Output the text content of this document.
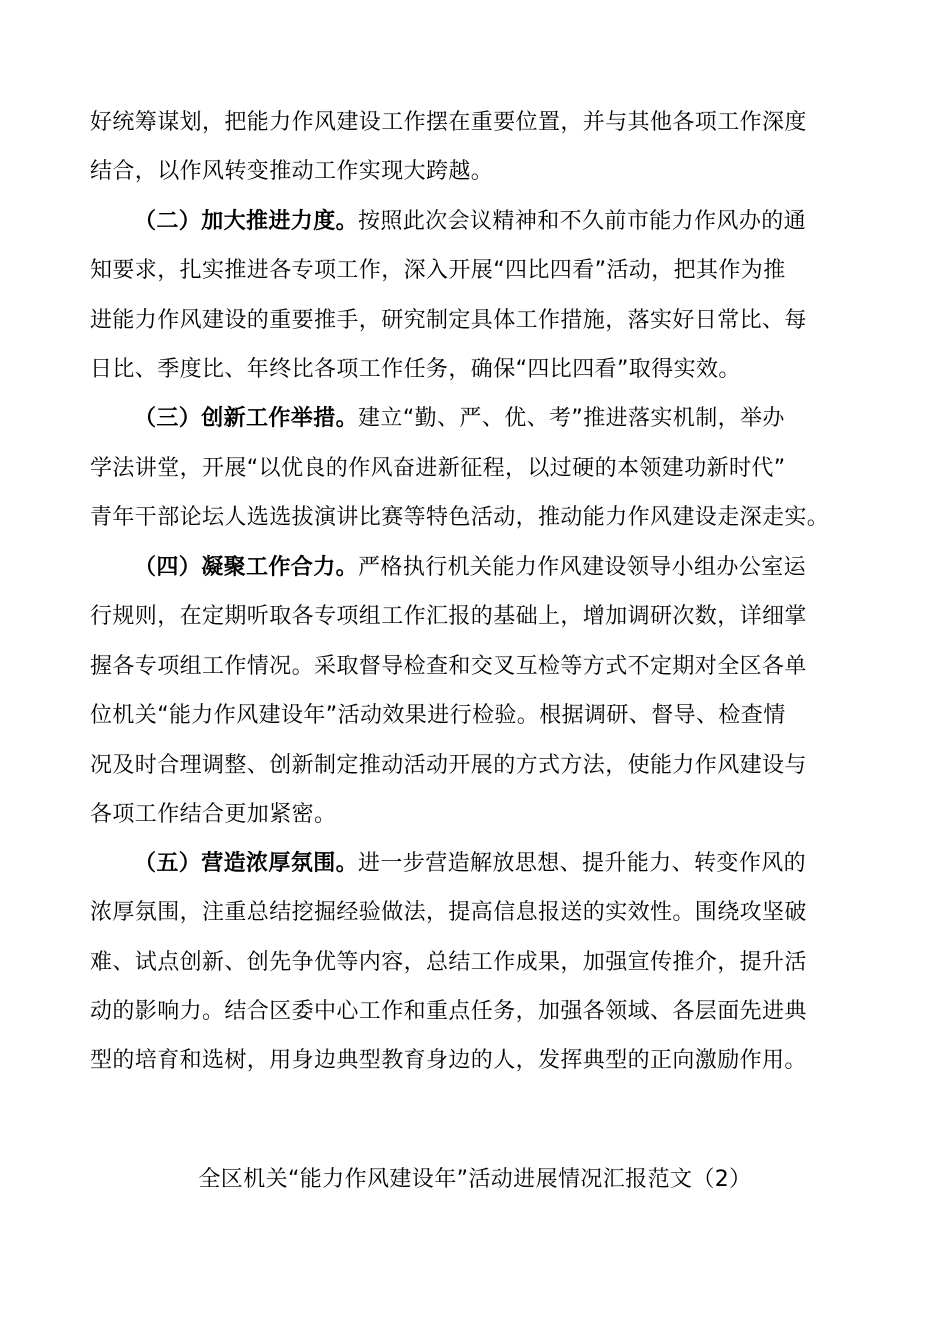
好统筹谋划，把能力作风建设工作摆在重要位置，并与其他各项工作深度
结合，以作风转变推动工作实现大跨越。
（二）加大推进力度。按照此次会议精神和不久前市能力作风办的通
知要求，扎实推进各专项工作，深入开展“四比四看”活动，把其作为推
进能力作风建设的重要推手，研究制定具体工作措施，落实好日常比、每
日比、季度比、年终比各项工作任务，确保“四比四看”取得实效。
（三）创新工作举措。建立“勤、严、优、考”推进落实机制，举办
学法讲堂，开展“以优良的作风奋进新征程，以过硬的本领建功新时代”
青年干部论坛人选选拔演讲比赛等特色活动，推动能力作风建设走深走实。
（四）凝聚工作合力。严格执行机关能力作风建设领导小组办公室运
行规则，在定期听取各专项组工作汇报的基础上，增加调研次数，详细掌
握各专项组工作情况。采取督导检查和交叉互检等方式不定期对全区各单
位机关“能力作风建设年”活动效果进行检验。根据调研、督导、检查情
况及时合理调整、创新制定推动活动开展的方式方法，使能力作风建设与
各项工作结合更加紧密。
（五）营造浓厚氛围。进一步营造解放思想、提升能力、转变作风的
浓厚氛围，注重总结挖掘经验做法，提高信息报送的实效性。围绕攻坚破
难、试点创新、创先争优等内容，总结工作成果，加强宣传推介，提升活
动的影响力。结合区委中心工作和重点任务，加强各领域、各层面先进典
型的培育和选树，用身边典型教育身边的人，发挥典型的正向激励作用。
全区机关“能力作风建设年”活动进展情况汇报范文（2）
